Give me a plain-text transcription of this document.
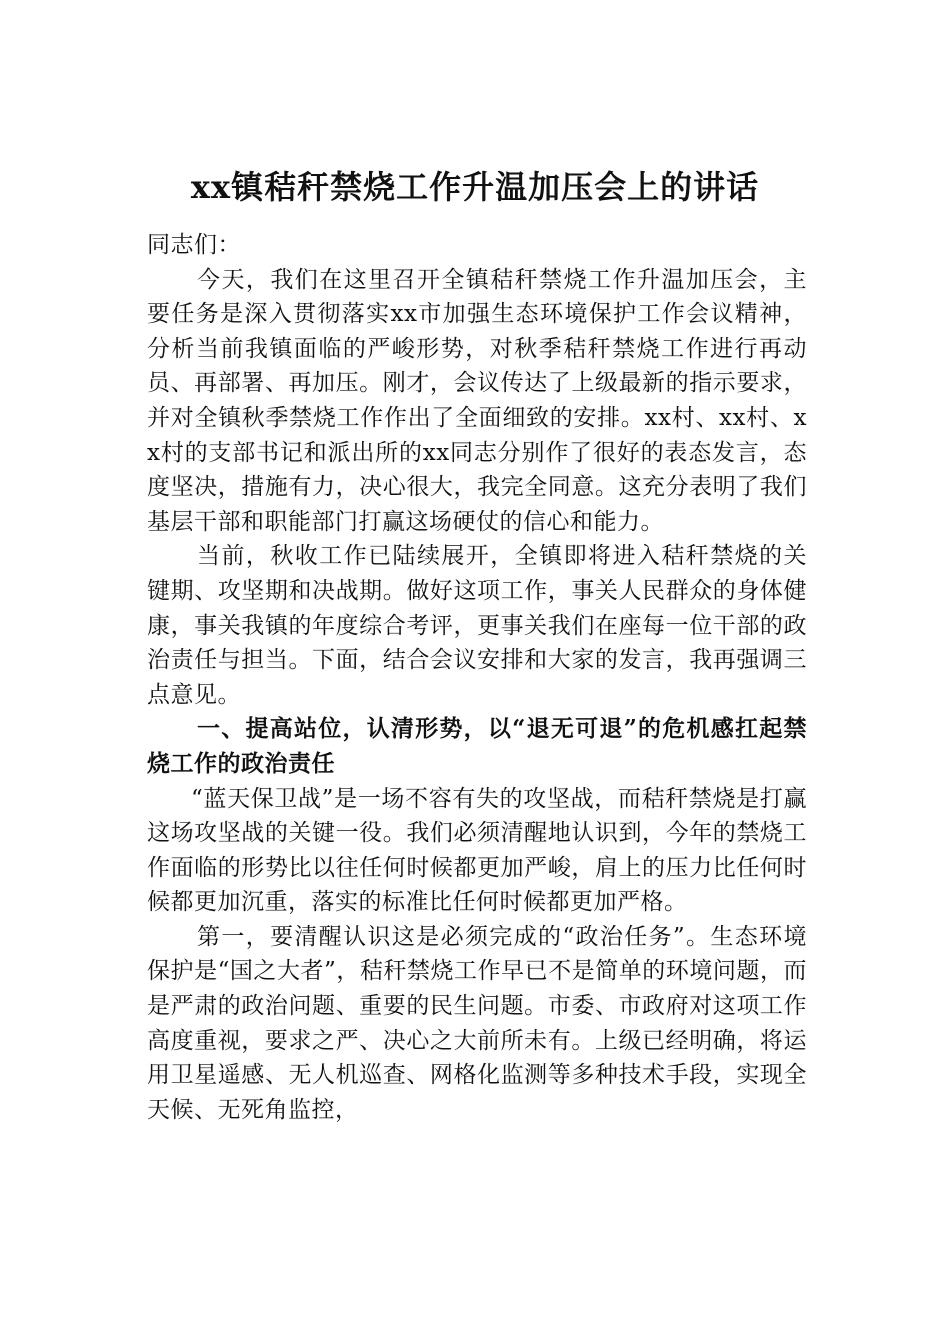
xx镇秸秆禁烧工作升温加压会上的讲话

同志们：

今天，我们在这里召开全镇秸秆禁烧工作升温加压会，主要任务是深入贯彻落实xx市加强生态环境保护工作会议精神，分析当前我镇面临的严峻形势，对秋季秸秆禁烧工作进行再动员、再部署、再加压。刚才，会议传达了上级最新的指示要求，并对全镇秋季禁烧工作作出了全面细致的安排。xx村、xx村、xx村的支部书记和派出所的xx同志分别作了很好的表态发言，态度坚决，措施有力，决心很大，我完全同意。这充分表明了我们基层干部和职能部门打赢这场硬仗的信心和能力。

当前，秋收工作已陆续展开，全镇即将进入秸秆禁烧的关键期、攻坚期和决战期。做好这项工作，事关人民群众的身体健康，事关我镇的年度综合考评，更事关我们在座每一位干部的政治责任与担当。下面，结合会议安排和大家的发言，我再强调三点意见。

一、提高站位，认清形势，以“退无可退”的危机感扛起禁烧工作的政治责任

“蓝天保卫战”是一场不容有失的攻坚战，而秸秆禁烧是打赢这场攻坚战的关键一役。我们必须清醒地认识到，今年的禁烧工作面临的形势比以往任何时候都更加严峻，肩上的压力比任何时候都更加沉重，落实的标准比任何时候都更加严格。

第一，要清醒认识这是必须完成的“政治任务”。生态环境保护是“国之大者”，秸秆禁烧工作早已不是简单的环境问题，而是严肃的政治问题、重要的民生问题。市委、市政府对这项工作高度重视，要求之严、决心之大前所未有。上级已经明确，将运用卫星遥感、无人机巡查、网格化监测等多种技术手段，实现全天候、无死角监控，
